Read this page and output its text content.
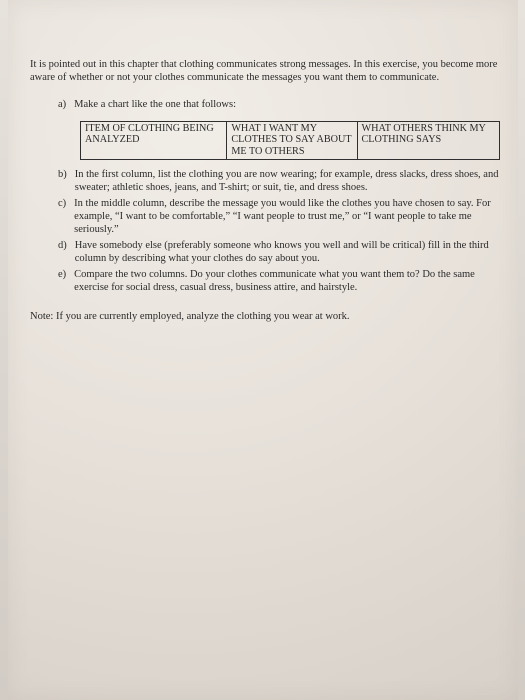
It is pointed out in this chapter that clothing communicates strong messages. In this exercise, you become more aware of whether or not your clothes communicate the messages you want them to communicate.

a) Make a chart like the one that follows:
ITEM OF CLOTHING BEING ANALYZED	WHAT I WANT MY CLOTHES TO SAY ABOUT ME TO OTHERS	WHAT OTHERS THINK MY CLOTHING SAYS
b) In the first column, list the clothing you are now wearing; for example, dress slacks, dress shoes, and sweater; athletic shoes, jeans, and T-shirt; or suit, tie, and dress shoes.
c) In the middle column, describe the message you would like the clothes you have chosen to say. For example, “I want to be comfortable,” “I want people to trust me,” or “I want people to take me seriously.”
d) Have somebody else (preferably someone who knows you well and will be critical) fill in the third column by describing what your clothes do say about you.
e) Compare the two columns. Do your clothes communicate what you want them to? Do the same exercise for social dress, casual dress, business attire, and hairstyle.

Note: If you are currently employed, analyze the clothing you wear at work.
